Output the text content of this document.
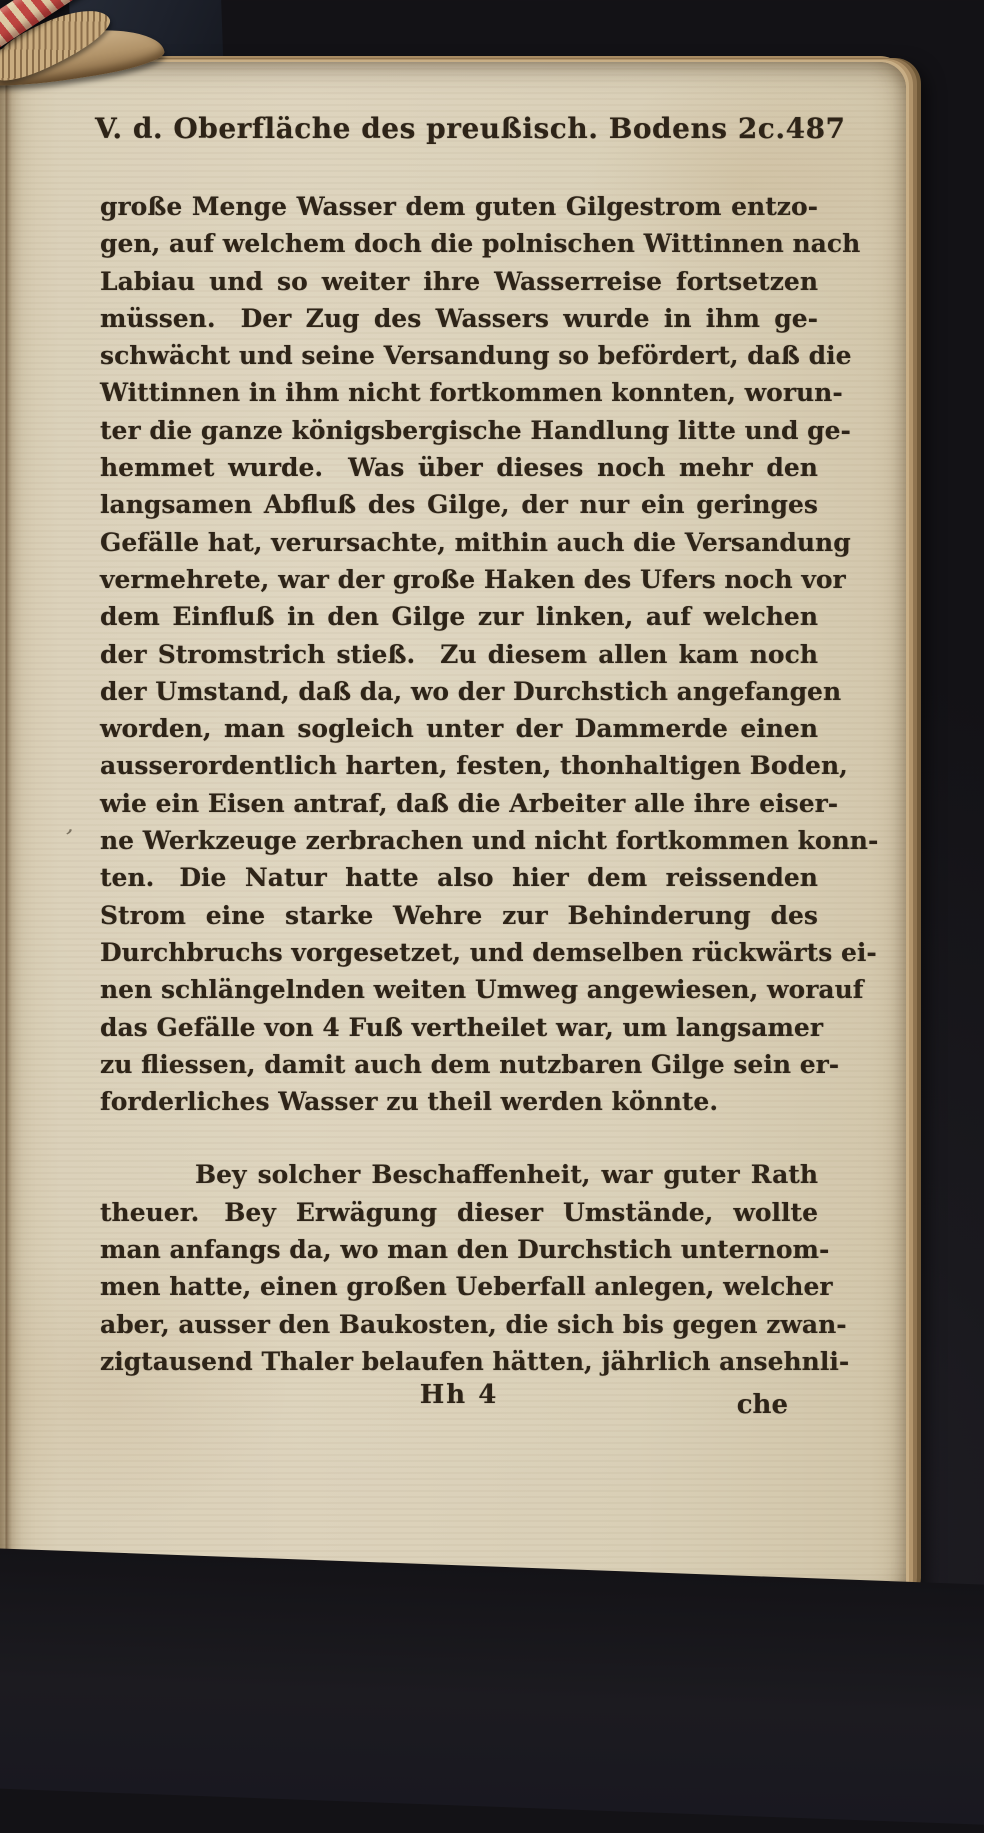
V. d. Oberfläche des preußisch. Bodens 2c. 487
große Menge Wasser dem guten Gilgestrom entzo-
gen, auf welchem doch die polnischen Wittinnen nach
Labiau und so weiter ihre Wasserreise fortsetzen
müssen. Der Zug des Wassers wurde in ihm ge-
schwächt und seine Versandung so befördert, daß die
Wittinnen in ihm nicht fortkommen konnten, worun-
ter die ganze königsbergische Handlung litte und ge-
hemmet wurde. Was über dieses noch mehr den
langsamen Abfluß des Gilge, der nur ein geringes
Gefälle hat, verursachte, mithin auch die Versandung
vermehrete, war der große Haken des Ufers noch vor
dem Einfluß in den Gilge zur linken, auf welchen
der Stromstrich stieß. Zu diesem allen kam noch
der Umstand, daß da, wo der Durchstich angefangen
worden, man sogleich unter der Dammerde einen
ausserordentlich harten, festen, thonhaltigen Boden,
wie ein Eisen antraf, daß die Arbeiter alle ihre eiser-
ne Werkzeuge zerbrachen und nicht fortkommen konn-
ten. Die Natur hatte also hier dem reissenden
Strom eine starke Wehre zur Behinderung des
Durchbruchs vorgesetzet, und demselben rückwärts ei-
nen schlängelnden weiten Umweg angewiesen, worauf
das Gefälle von 4 Fuß vertheilet war, um langsamer
zu fliessen, damit auch dem nutzbaren Gilge sein er-
forderliches Wasser zu theil werden könnte.
Bey solcher Beschaffenheit, war guter Rath
theuer. Bey Erwägung dieser Umstände, wollte
man anfangs da, wo man den Durchstich unternom-
men hatte, einen großen Ueberfall anlegen, welcher
aber, ausser den Baukosten, die sich bis gegen zwan-
zigtausend Thaler belaufen hätten, jährlich ansehnli-
,
Hh 4	che
